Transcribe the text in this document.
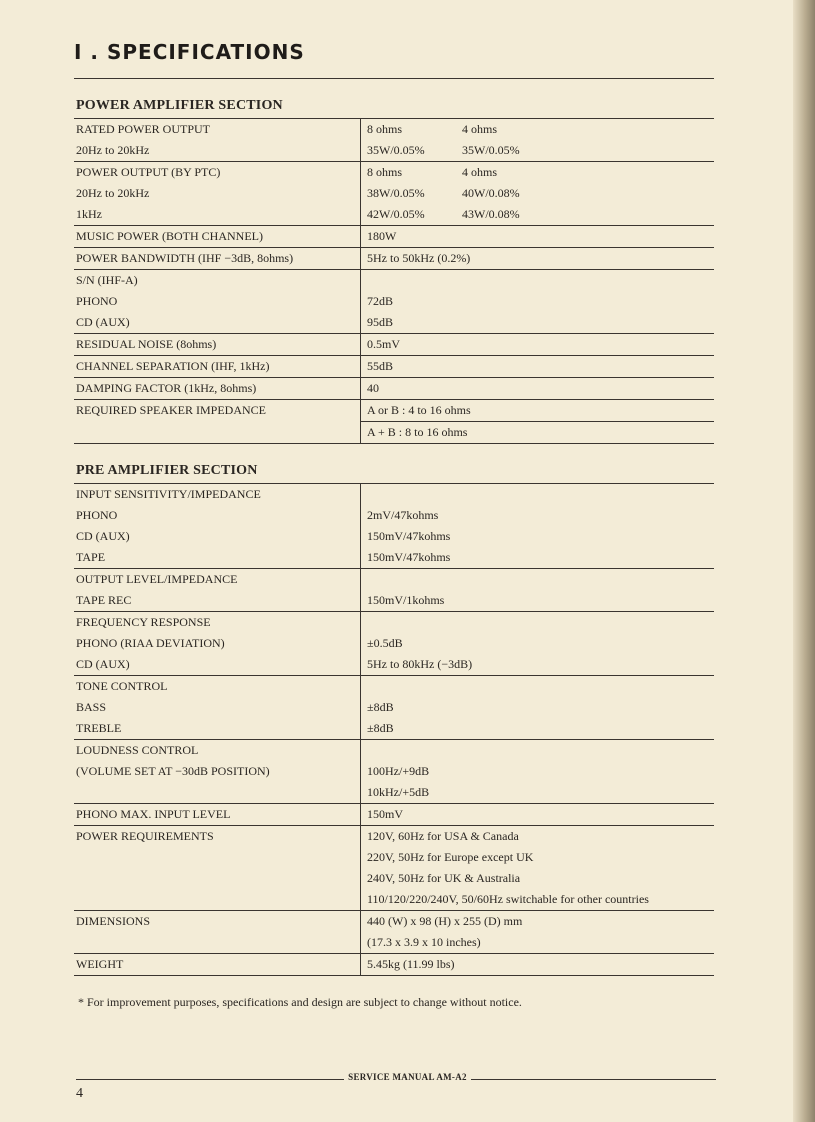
I . SPECIFICATIONS
POWER AMPLIFIER SECTION
RATED POWER OUTPUT	8 ohms 4 ohms
20Hz to 20kHz	35W/0.05% 35W/0.05%
POWER OUTPUT (BY PTC)	8 ohms 4 ohms
20Hz to 20kHz	38W/0.05% 40W/0.08%
1kHz	42W/0.05% 43W/0.08%
MUSIC POWER (BOTH CHANNEL)	180W
POWER BANDWIDTH (IHF −3dB, 8ohms)	5Hz to 50kHz (0.2%)
S/N (IHF-A)	
PHONO	72dB
CD (AUX)	95dB
RESIDUAL NOISE (8ohms)	0.5mV
CHANNEL SEPARATION (IHF, 1kHz)	55dB
DAMPING FACTOR (1kHz, 8ohms)	40
REQUIRED SPEAKER IMPEDANCE	A or B : 4 to 16 ohms
	A + B : 8 to 16 ohms
PRE AMPLIFIER SECTION
INPUT SENSITIVITY/IMPEDANCE	
PHONO	2mV/47kohms
CD (AUX)	150mV/47kohms
TAPE	150mV/47kohms
OUTPUT LEVEL/IMPEDANCE	
TAPE REC	150mV/1kohms
FREQUENCY RESPONSE	
PHONO (RIAA DEVIATION)	±0.5dB
CD (AUX)	5Hz to 80kHz (−3dB)
TONE CONTROL	
BASS	±8dB
TREBLE	±8dB
LOUDNESS CONTROL	
(VOLUME SET AT −30dB POSITION)	100Hz/+9dB
	10kHz/+5dB
PHONO MAX. INPUT LEVEL	150mV
POWER REQUIREMENTS	120V, 60Hz for USA & Canada
	220V, 50Hz for Europe except UK
	240V, 50Hz for UK & Australia
	110/120/220/240V, 50/60Hz switchable for other countries
DIMENSIONS	440 (W) x 98 (H) x 255 (D) mm
	(17.3 x 3.9 x 10 inches)
WEIGHT	5.45kg (11.99 lbs)
* For improvement purposes, specifications and design are subject to change without notice.
SERVICE MANUAL AM-A2
4
